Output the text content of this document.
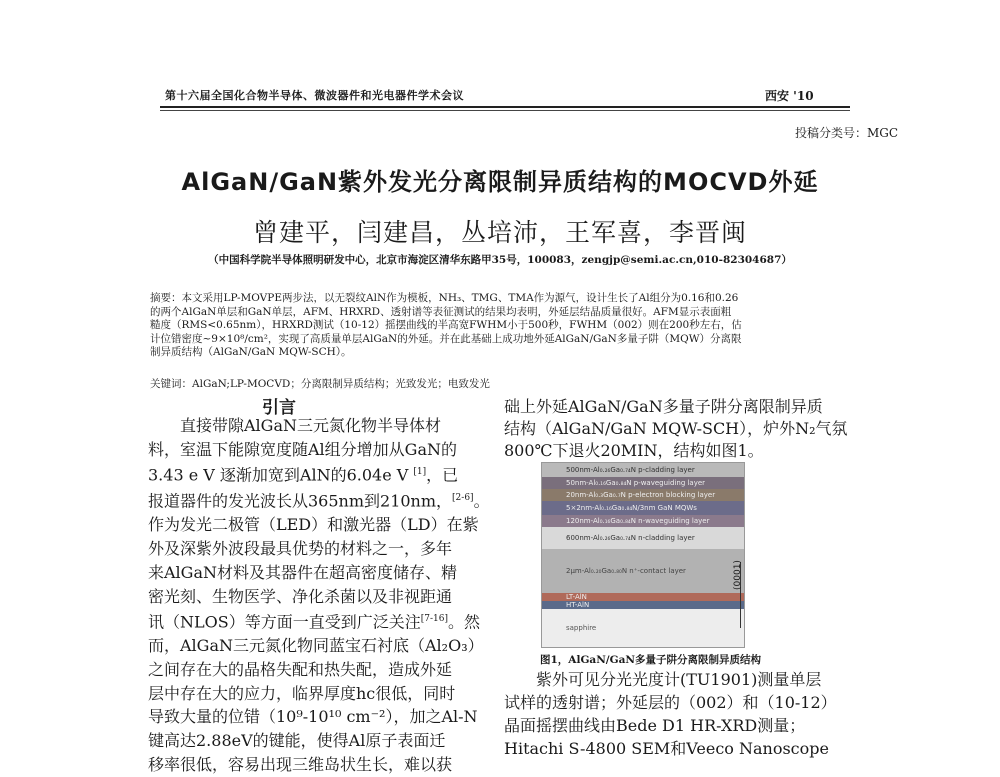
第十六届全国化合物半导体、微波器件和光电器件学术会议	西安 '10
投稿分类号：MGC
AlGaN/GaN紫外发光分离限制异质结构的MOCVD外延
曾建平，闫建昌，丛培沛，王军喜，李晋闽
（中国科学院半导体照明研发中心，北京市海淀区清华东路甲35号，100083，zengjp@semi.ac.cn,010-82304687）
摘要：本文采用LP-MOVPE两步法，以无裂纹AlN作为模板，NH₃、TMG、TMA作为源气，设计生长了Al组分为0.16和0.26
的两个AlGaN单层和GaN单层，AFM、HRXRD、透射谱等表征测试的结果均表明，外延层结晶质量很好。AFM显示表面粗
糙度（RMS<0.65nm），HRXRD测试（10-12）摇摆曲线的半高宽FWHM小于500秒，FWHM（002）则在200秒左右，估
计位错密度~9×10⁸/cm²，实现了高质量单层AlGaN的外延。并在此基础上成功地外延AlGaN/GaN多量子阱（MQW）分离限
制异质结构（AlGaN/GaN MQW-SCH）。
关键词：AlGaN;LP-MOCVD；分离限制异质结构；光致发光；电致发光
引言

直接带隙AlGaN三元氮化物半导体材

料，室温下能隙宽度随Al组分增加从GaN的

3.43 e V 逐渐加宽到AlN的6.04e V [1]，已

报道器件的发光波长从365nm到210nm，[2-6]。

作为发光二极管（LED）和激光器（LD）在紫

外及深紫外波段最具优势的材料之一，多年

来AlGaN材料及其器件在超高密度储存、精

密光刻、生物医学、净化杀菌以及非视距通

讯（NLOS）等方面一直受到广泛关注[7-16]。然

而，AlGaN三元氮化物同蓝宝石衬底（Al₂O₃）

之间存在大的晶格失配和热失配，造成外延

层中存在大的应力，临界厚度hc很低，同时

导致大量的位错（10⁹-10¹⁰ cm⁻²），加之Al-N

键高达2.88eV的键能，使得Al原子表面迁

移率很低，容易出现三维岛状生长，难以获

础上外延AlGaN/GaN多量子阱分离限制异质

结构（AlGaN/GaN MQW-SCH），炉外N₂气氛

800℃下退火20MIN，结构如图1。

500nm-Al₀.₂₆Ga₀.₇₄N p-cladding layer
50nm-Al₀.₁₆Ga₀.₈₄N p-waveguiding layer
20nm-Al₀.₃Ga₀.₇N p-electron blocking layer
5×2nm-Al₀.₁₆Ga₀.₈₄N/3nm GaN MQWs
120nm-Al₀.₁₆Ga₀.₈₄N n-waveguiding layer
600nm-Al₀.₂₆Ga₀.₇₄N n-cladding layer
2μm-Al₀.₂₀Ga₀.₈₀N n⁺-contact layer
LT-AlN
HT-AlN
sapphire
(0001)
图1，AlGaN/GaN多量子阱分离限制异质结构

紫外可见分光光度计(TU1901)测量单层

试样的透射谱；外延层的（002）和（10-12）

晶面摇摆曲线由Bede D1 HR-XRD测量；

Hitachi S-4800 SEM和Veeco Nanoscope
